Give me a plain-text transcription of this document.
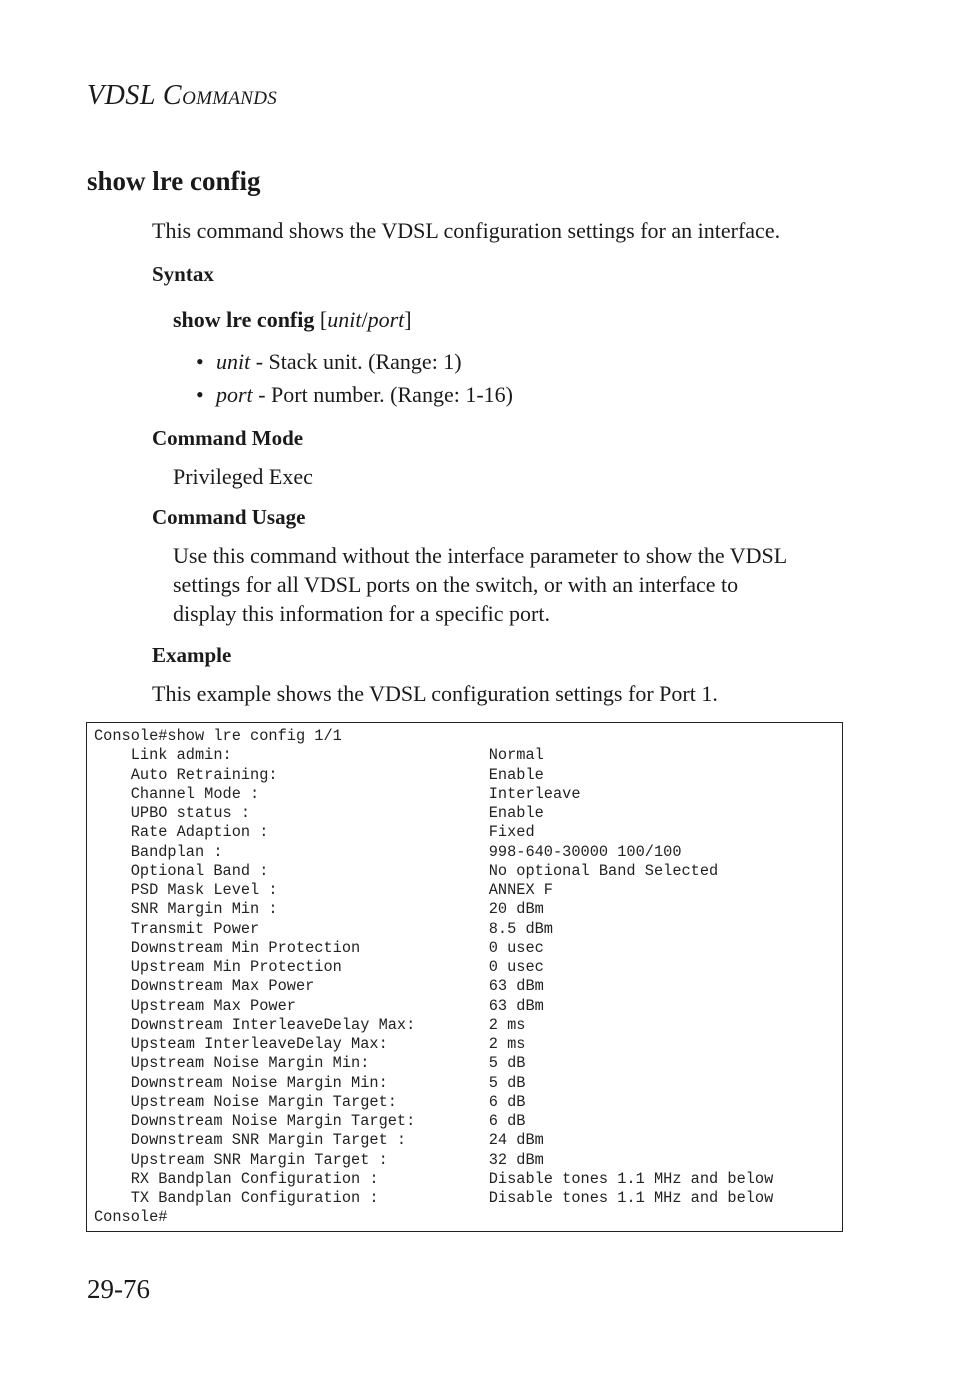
VDSL COMMANDS
show lre config

This command shows the VDSL configuration settings for an interface.

Syntax
show lre config [unit/port]
• unit - Stack unit. (Range: 1)
• port - Port number. (Range: 1-16)
Command Mode

Privileged Exec

Command Usage

Use this command without the interface parameter to show the VDSL

settings for all VDSL ports on the switch, or with an interface to

display this information for a specific port.

Example

This example shows the VDSL configuration settings for Port 1.

Console#show lre config 1/1
Link admin:                            Normal
Auto Retraining:                       Enable
Channel Mode :                         Interleave
UPBO status :                          Enable
Rate Adaption :                        Fixed
Bandplan :                             998-640-30000 100/100
Optional Band :                        No optional Band Selected
PSD Mask Level :                       ANNEX F
SNR Margin Min :                       20 dBm
Transmit Power                         8.5 dBm
Downstream Min Protection              0 usec
Upstream Min Protection                0 usec
Downstream Max Power                   63 dBm
Upstream Max Power                     63 dBm
Downstream InterleaveDelay Max:        2 ms
Upsteam InterleaveDelay Max:           2 ms
Upstream Noise Margin Min:             5 dB
Downstream Noise Margin Min:           5 dB
Upstream Noise Margin Target:          6 dB
Downstream Noise Margin Target:        6 dB
Downstream SNR Margin Target :         24 dBm
Upstream SNR Margin Target :           32 dBm
RX Bandplan Configuration :            Disable tones 1.1 MHz and below
TX Bandplan Configuration :            Disable tones 1.1 MHz and below
Console#
29-76
